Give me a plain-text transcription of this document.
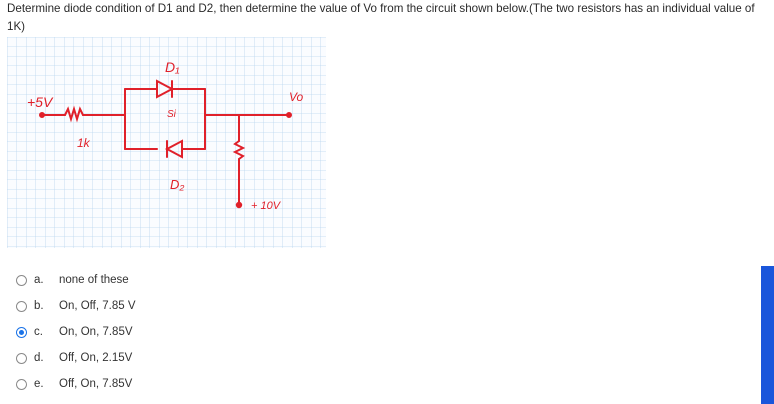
Determine diode condition of D1 and D2, then determine the value of Vo from the circuit shown below.(The two resistors has an individual value of 1K)
D₁
+5V
1k
Si
Vo
D₂
+ 10V
a.	none of these
b.	On, Off, 7.85 V
c.	On, On, 7.85V
d.	Off, On, 2.15V
e.	Off, On, 7.85V
